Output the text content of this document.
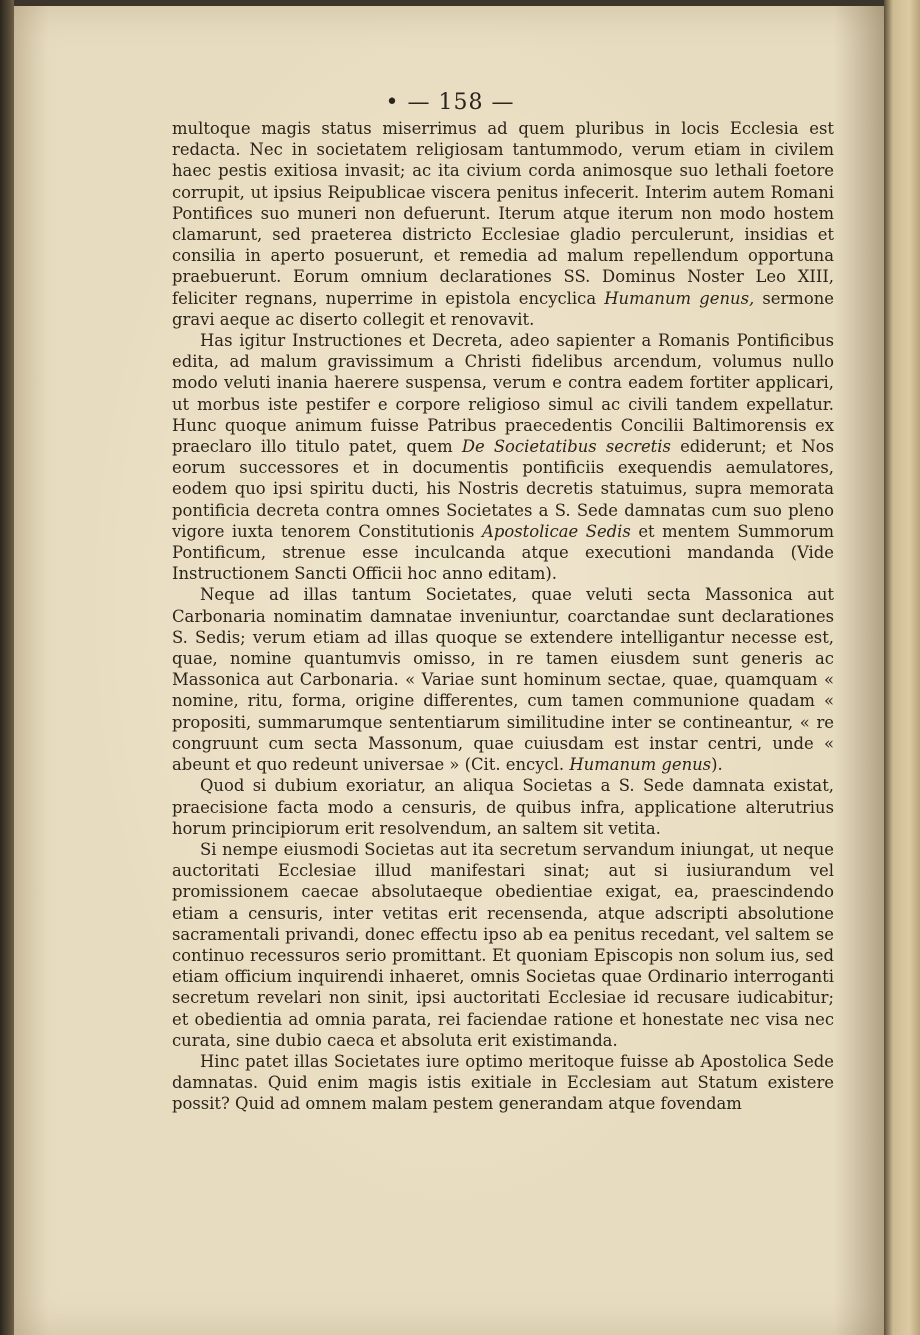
• — 158 —

multoque magis status miserrimus ad quem pluribus in locis Ecclesia est redacta. Nec in societatem religiosam tantummodo, verum etiam in civilem haec pestis exitiosa invasit; ac ita civium corda animosque suo lethali foetore corrupit, ut ipsius Reipublicae viscera penitus infecerit. Interim autem Romani Pontifices suo muneri non defuerunt. Iterum atque iterum non modo hostem clamarunt, sed praeterea districto Ecclesiae gladio perculerunt, insidias et consilia in aperto posuerunt, et remedia ad malum repellendum opportuna praebuerunt. Eorum omnium declarationes SS. Dominus Noster Leo XIII, feliciter regnans, nuperrime in epistola encyclica Humanum genus, sermone gravi aeque ac diserto collegit et renovavit.

Has igitur Instructiones et Decreta, adeo sapienter a Romanis Pontificibus edita, ad malum gravissimum a Christi fidelibus arcendum, volumus nullo modo veluti inania haerere suspensa, verum e contra eadem fortiter applicari, ut morbus iste pestifer e corpore religioso simul ac civili tandem expellatur. Hunc quoque animum fuisse Patribus praecedentis Concilii Baltimorensis ex praeclaro illo titulo patet, quem De Societatibus secretis ediderunt; et Nos eorum successores et in documentis pontificiis exequendis aemulatores, eodem quo ipsi spiritu ducti, his Nostris decretis statuimus, supra memorata pontificia decreta contra omnes Societates a S. Sede damnatas cum suo pleno vigore iuxta tenorem Constitutionis Apostolicae Sedis et mentem Summorum Pontificum, strenue esse inculcanda atque executioni mandanda (Vide Instructionem Sancti Officii hoc anno editam).

Neque ad illas tantum Societates, quae veluti secta Massonica aut Carbonaria nominatim damnatae inveniuntur, coarctandae sunt declarationes S. Sedis; verum etiam ad illas quoque se extendere intelligantur necesse est, quae, nomine quantumvis omisso, in re tamen eiusdem sunt generis ac Massonica aut Carbonaria. « Variae sunt hominum sectae, quae, quamquam « nomine, ritu, forma, origine differentes, cum tamen communione quadam « propositi, summarumque sententiarum similitudine inter se contineantur, « re congruunt cum secta Massonum, quae cuiusdam est instar centri, unde « abeunt et quo redeunt universae » (Cit. encycl. Humanum genus).

Quod si dubium exoriatur, an aliqua Societas a S. Sede damnata existat, praecisione facta modo a censuris, de quibus infra, applicatione alterutrius horum principiorum erit resolvendum, an saltem sit vetita.

Si nempe eiusmodi Societas aut ita secretum servandum iniungat, ut neque auctoritati Ecclesiae illud manifestari sinat; aut si iusiurandum vel promissionem caecae absolutaeque obedientiae exigat, ea, praescindendo etiam a censuris, inter vetitas erit recensenda, atque adscripti absolutione sacramentali privandi, donec effectu ipso ab ea penitus recedant, vel saltem se continuo recessuros serio promittant. Et quoniam Episcopis non solum ius, sed etiam officium inquirendi inhaeret, omnis Societas quae Ordinario interroganti secretum revelari non sinit, ipsi auctoritati Ecclesiae id recusare iudicabitur; et obedientia ad omnia parata, rei faciendae ratione et honestate nec visa nec curata, sine dubio caeca et absoluta erit existimanda.

Hinc patet illas Societates iure optimo meritoque fuisse ab Apostolica Sede damnatas. Quid enim magis istis exitiale in Ecclesiam aut Statum existere possit? Quid ad omnem malam pestem generandam atque fovendam
